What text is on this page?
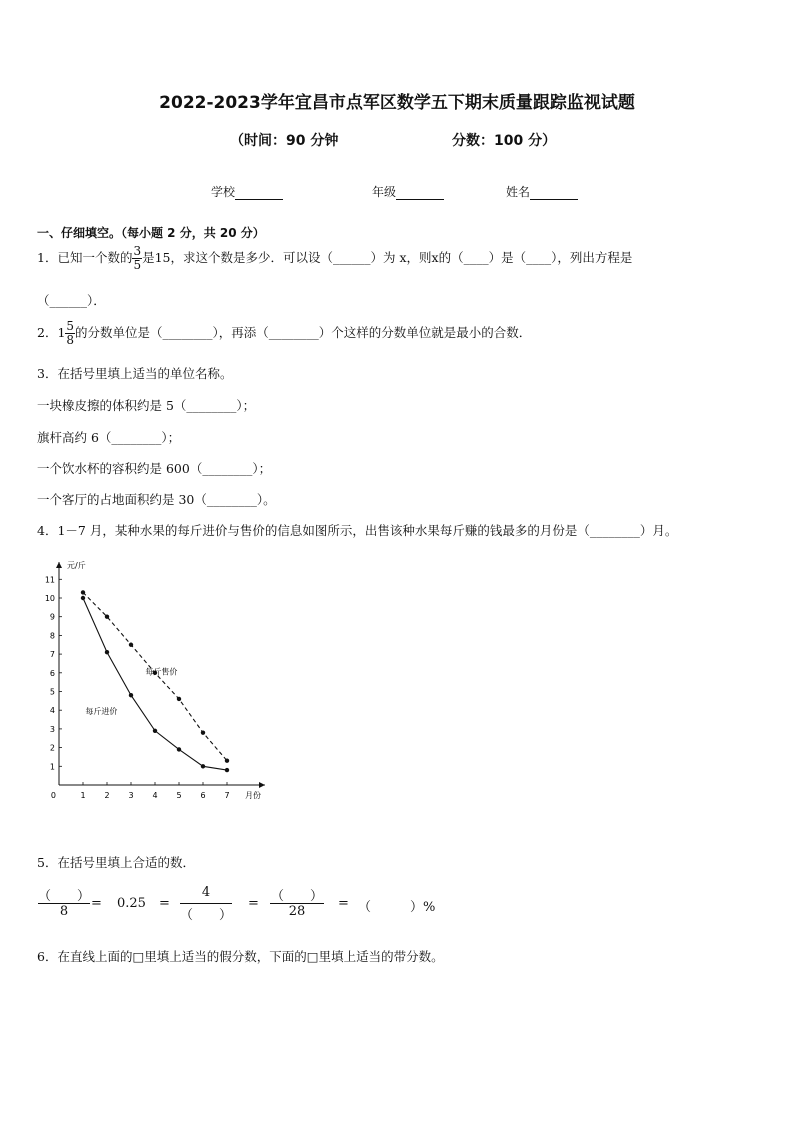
2022-2023学年宜昌市点军区数学五下期末质量跟踪监视试题
（时间：90 分钟	分数：100 分）
学校	年级	姓名
一、仔细填空。（每小题 2 分，共 20 分）
1．已知一个数的 $\frac{3}{5}$ 是15，求这个数是多少．可以设（______）为 x，则x的（____）是（____），列出方程是
（______）．
2．$1 \frac{5}{8}$ 的分数单位是（________），再添（________）个这样的分数单位就是最小的合数．
3．在括号里填上适当的单位名称。
一块橡皮擦的体积约是 5（________）；
旗杆高约 6（________）；
一个饮水杯的容积约是 600（________）；
一个客厅的占地面积约是 30（________）。
4．1－7 月，某种水果的每斤进价与售价的信息如图所示，出售该种水果每斤赚的钱最多的月份是（________）月。
元/斤
月份
0
1
2
3
4
5
6
7
8
9
10
11
1 2 3 4 5 6 7
每斤售价
每斤进价
5．在括号里填上合适的数．
（　　）
8
= 0.25 =
4
（　　）
= （　　）
28
= （　　　）%
6．在直线上面的□里填上适当的假分数，下面的□里填上适当的带分数。
